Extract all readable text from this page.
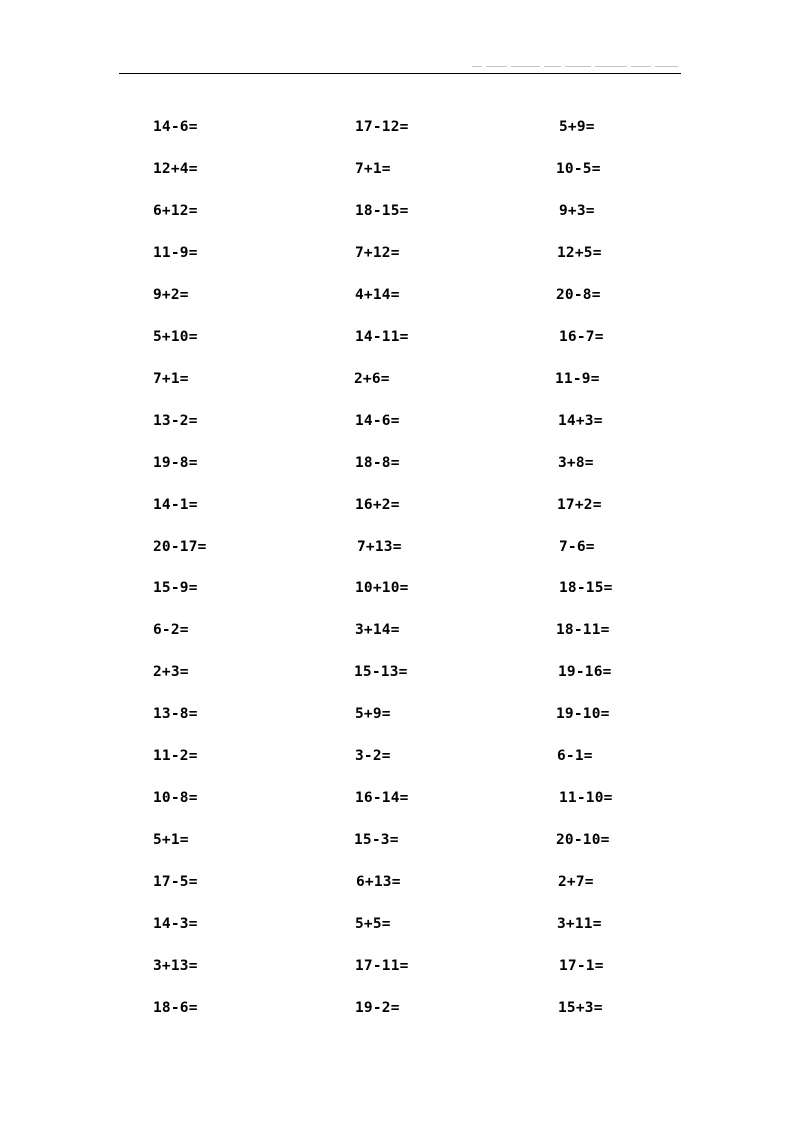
14-6=
12+4=
6+12=
11-9=
9+2=
5+10=
7+1=
13-2=
19-8=
14-1=
20-17=
15-9=
6-2=
2+3=
13-8=
11-2=
10-8=
5+1=
17-5=
14-3=
3+13=
18-6=
17-12=
7+1=
18-15=
7+12=
4+14=
14-11=
2+6=
14-6=
18-8=
16+2=
7+13=
10+10=
3+14=
15-13=
5+9=
3-2=
16-14=
15-3=
6+13=
5+5=
17-11=
19-2=
5+9=
10-5=
9+3=
12+5=
20-8=
16-7=
11-9=
14+3=
3+8=
17+2=
7-6=
18-15=
18-11=
19-16=
19-10=
6-1=
11-10=
20-10=
2+7=
3+11=
17-1=
15+3=
